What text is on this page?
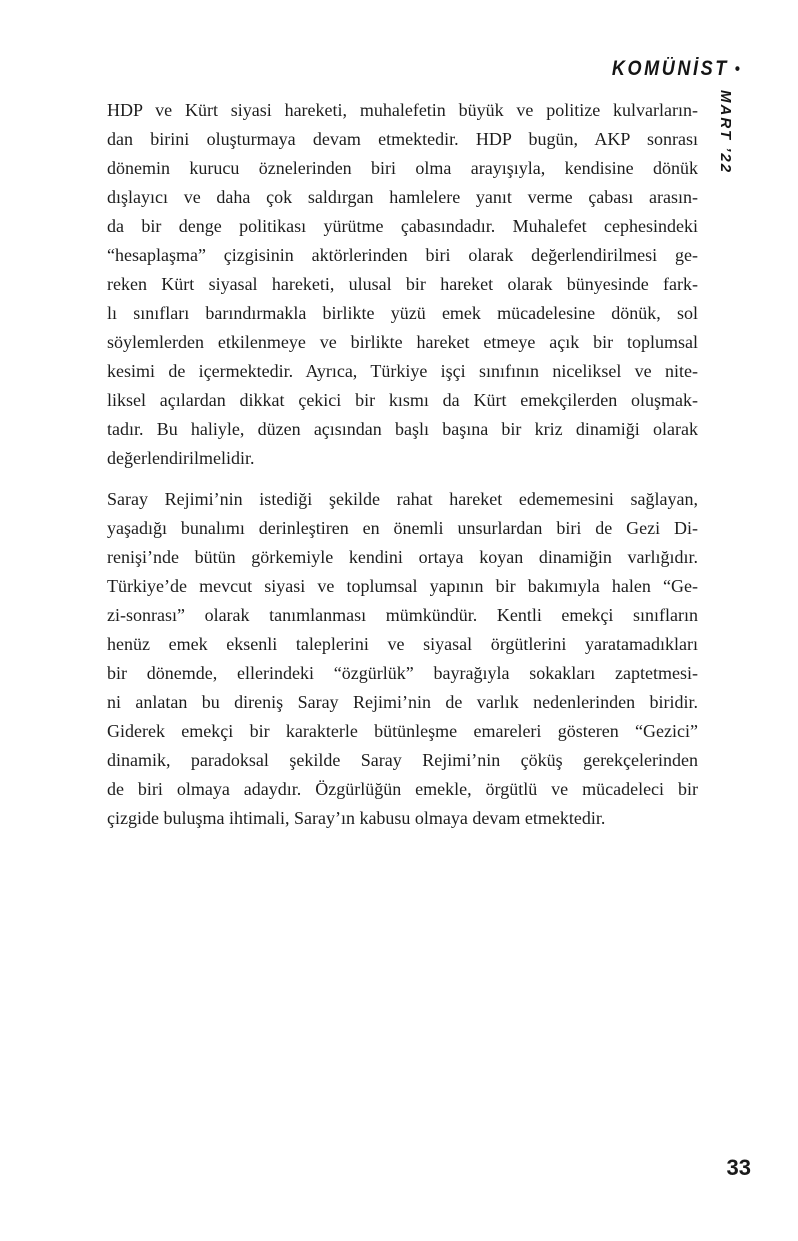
KOMÜNİST •
MART ’22
HDP ve Kürt siyasi hareketi, muhalefetin büyük ve politize kulvarların-
dan birini oluşturmaya devam etmektedir. HDP bugün, AKP sonrası
dönemin kurucu öznelerinden biri olma arayışıyla, kendisine dönük
dışlayıcı ve daha çok saldırgan hamlelere yanıt verme çabası arasın-
da bir denge politikası yürütme çabasındadır. Muhalefet cephesindeki
“hesaplaşma” çizgisinin aktörlerinden biri olarak değerlendirilmesi ge-
reken Kürt siyasal hareketi, ulusal bir hareket olarak bünyesinde fark-
lı sınıfları barındırmakla birlikte yüzü emek mücadelesine dönük, sol
söylemlerden etkilenmeye ve birlikte hareket etmeye açık bir toplumsal
kesimi de içermektedir. Ayrıca, Türkiye işçi sınıfının niceliksel ve nite-
liksel açılardan dikkat çekici bir kısmı da Kürt emekçilerden oluşmak-
tadır. Bu haliyle, düzen açısından başlı başına bir kriz dinamiği olarak
değerlendirilmelidir.
Saray Rejimi’nin istediği şekilde rahat hareket edememesini sağlayan,
yaşadığı bunalımı derinleştiren en önemli unsurlardan biri de Gezi Di-
renişi’nde bütün görkemiyle kendini ortaya koyan dinamiğin varlığıdır.
Türkiye’de mevcut siyasi ve toplumsal yapının bir bakımıyla halen “Ge-
zi-sonrası” olarak tanımlanması mümkündür. Kentli emekçi sınıfların
henüz emek eksenli taleplerini ve siyasal örgütlerini yaratamadıkları
bir dönemde, ellerindeki “özgürlük” bayrağıyla sokakları zaptetmesi-
ni anlatan bu direniş Saray Rejimi’nin de varlık nedenlerinden biridir.
Giderek emekçi bir karakterle bütünleşme emareleri gösteren “Gezici”
dinamik, paradoksal şekilde Saray Rejimi’nin çöküş gerekçelerinden
de biri olmaya adaydır. Özgürlüğün emekle, örgütlü ve mücadeleci bir
çizgide buluşma ihtimali, Saray’ın kabusu olmaya devam etmektedir.
33
